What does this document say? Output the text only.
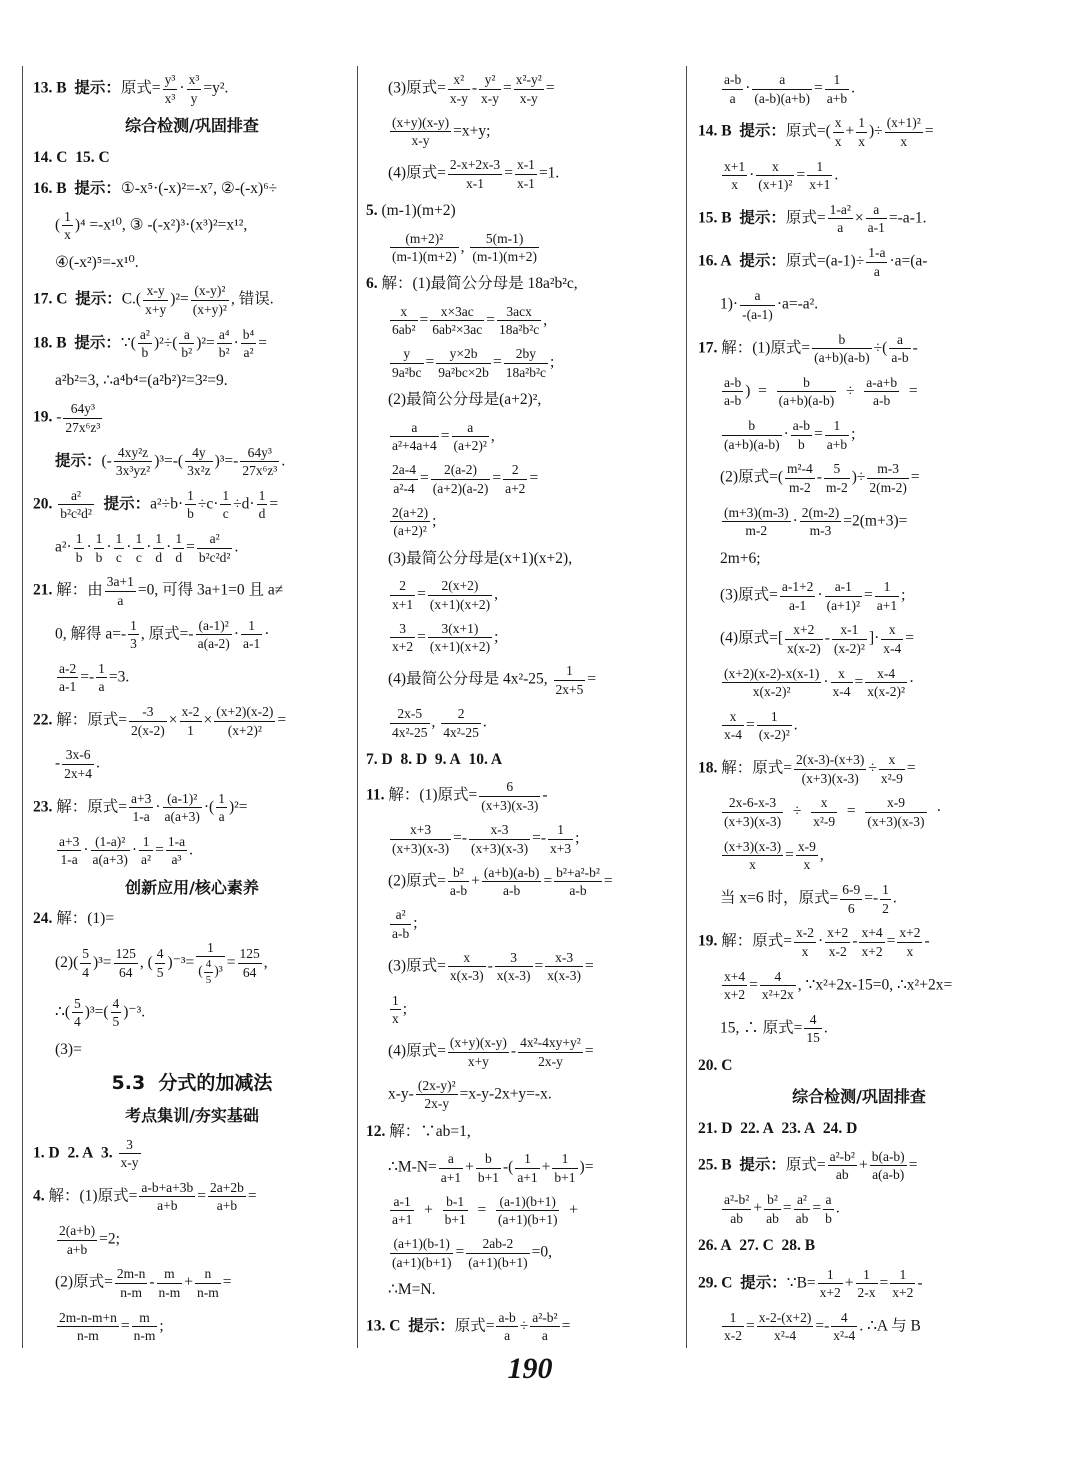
13. B 提示：原式= $\frac{\text{y³}}{\text{x³}} \cdot \frac{\text{x³}}{y} =y^2$.
综合检测/巩固排查
14. C 15. C
16. B 提示：①-x⁵·(-x)²=-x⁷, ②-(-x)⁶÷
( $\frac{1}{x} )^4 =-x^{10}$, ③ -(-x²)³·(x³)²=x¹²,
④(-x²)⁵=-x¹⁰.
17. C 提示：$C.( \frac{x-y}{x+y} )^2= \frac{\text{(x-y)²}}{\text{(x+y)²}}$ , 错误.
18. B 提示：∵( $\frac{\text{a²}}{b} )^2\div( \frac{a}{\text{b²}} )^2= \frac{\text{a⁴}}{\text{b²}} \cdot \frac{\text{b⁴}}{\text{a²}}$ =
a²b²=3, ∴a⁴b⁴=(a²b²)²=3²=9.
19. - $\frac{\text{64y³}}{\text{27x⁶z³}}$
提示：(- $\frac{\text{4xy²z}}{\text{3x³yz²}} )^3=-( \frac{4y}{\text{3x²z}} )^3=- \frac{\text{64y³}}{\text{27x⁶z³}}$ .
20. $\frac{\text{a²}}{\text{b²c²d²}}$ 提示：$a^2\div b\cdot \frac{1}{b} \div c\cdot \frac{1}{c} \div d\cdot \frac{1}{d}$ =
$a^2\cdot \frac{1}{b} \cdot \frac{1}{b} \cdot \frac{1}{c} \cdot \frac{1}{c} \cdot \frac{1}{d} \cdot \frac{1}{d} = \frac{\text{a²}}{\text{b²c²d²}}$ .
21. 解：由 $\frac{3a+1}{a} =0$, 可得 3a+1=0 且 a≠
0, 解得 $a=- \frac{1}{3}$ , 原式=- $\frac{\text{(a-1)²}}{a(a-2)} \cdot \frac{1}{a-1}$ ·
$\frac{a-2}{a-1} =- \frac{1}{a} =3$.
22. 解：原式= $\frac{-3}{2(x-2)} \times \frac{x-2}{1} \times \frac{(x+2)(x-2)}{\text{(x+2)²}}$ =
- $\frac{3x-6}{2x+4}$ .
23. 解：原式= $\frac{a+3}{1-a} \cdot \frac{\text{(a-1)²}}{a(a+3)}$ ·( $\frac{1}{a} )^2=$
$\frac{a+3}{1-a} \cdot \frac{\text{(1-a)²}}{a(a+3)} \cdot \frac{1}{\text{a²}} = \frac{1-a}{\text{a³}}$ .
创新应用/核心素养
24. 解：(1)=
$(2)( \frac{5}{4} )^3= \frac{125}{64}$ , ( $\frac{4}{5} )^{-3}= \frac{1}{( \frac{4}{5} )^3} = \frac{125}{64}$ ,
∴( $\frac{5}{4} )^3=( \frac{4}{5} )^{-3}$.
(3)=
5.3  分式的加减法
考点集训/夯实基础
1. D 2. A 3. $\frac{3}{x-y}$
4. 解：(1)原式= $\frac{a-b+a+3b}{a+b} = \frac{2a+2b}{a+b}$ =
$\frac{2(a+b)}{a+b} =2$;
(2)原式= $\frac{2m-n}{n-m} - \frac{m}{n-m} + \frac{n}{n-m}$ =
$\frac{2m-n-m+n}{n-m} = \frac{m}{n-m}$ ;
(3)原式= $\frac{\text{x²}}{x-y} - \frac{\text{y²}}{x-y} = \frac{\text{x²-y²}}{x-y}$ =
$\frac{(x+y)(x-y)}{x-y} =x+y$;
(4)原式= $\frac{2-x+2x-3}{x-1} = \frac{x-1}{x-1} =1$.
5. (m-1)(m+2)
$\frac{\text{(m+2)²}}{(m-1)(m+2)}$ , $\frac{5(m-1)}{(m-1)(m+2)}$
6. 解：(1)最简公分母是 18a²b²c,
$\frac{x}{\text{6ab²}} = \frac{x\times 3ac}{\text{6ab²×3ac}} = \frac{\text{3acx}}{\text{18a²b²c}}$ ,
$\frac{y}{\text{9a²bc}} = \frac{y\times 2b}{\text{9a²bc×2b}} = \frac{2by}{\text{18a²b²c}}$ ;
(2)最简公分母是(a+2)²,
$\frac{a}{\text{a²+4a+4}} = \frac{a}{\text{(a+2)²}}$ ,
$\frac{2a-4}{\text{a²-4}} = \frac{2(a-2)}{(a+2)(a-2)} = \frac{2}{a+2}$ =
$\frac{2(a+2)}{\text{(a+2)²}}$ ;
(3)最简公分母是(x+1)(x+2),
$\frac{2}{x+1} = \frac{2(x+2)}{(x+1)(x+2)}$ ,
$\frac{3}{x+2} = \frac{3(x+1)}{(x+1)(x+2)}$ ;
(4)最简公分母是 4x²-25, $\frac{1}{2x+5}$ =
$\frac{2x-5}{\text{4x²-25}}$ , $\frac{2}{\text{4x²-25}}$ .
7. D 8. D 9. A 10. A
11. 解：(1)原式= $\frac{6}{(x+3)(x-3)}$ -
$\frac{x+3}{(x+3)(x-3)} =- \frac{x-3}{(x+3)(x-3)} =- \frac{1}{x+3}$ ;
(2)原式= $\frac{\text{b²}}{a-b} + \frac{(a+b)(a-b)}{a-b} = \frac{\text{b²+a²-b²}}{a-b}$ =
$\frac{\text{a²}}{a-b}$ ;
(3)原式= $\frac{x}{x(x-3)} - \frac{3}{x(x-3)} = \frac{x-3}{x(x-3)}$ =
$\frac{1}{x}$ ;
(4)原式= $\frac{(x+y)(x-y)}{x+y} - \frac{\text{4x²-4xy+y²}}{2x-y}$ =
$x-y- \frac{\text{(2x-y)²}}{2x-y} =x-y-2x+y=-x$.
12. 解：∵ab=1,
∴M-N= $\frac{a}{a+1} + \frac{b}{b+1}$ -( $\frac{1}{a+1} + \frac{1}{b+1}$ )=
$\frac{a-1}{a+1} + \frac{b-1}{b+1} = \frac{(a-1)(b+1)}{(a+1)(b+1)}$ +
$\frac{(a+1)(b-1)}{(a+1)(b+1)} = \frac{2ab-2}{(a+1)(b+1)} =0$,
∴M=N.
13. C 提示：原式= $\frac{a-b}{a} \div \frac{\text{a²-b²}}{a}$ =
$\frac{a-b}{a} \cdot \frac{a}{(a-b)(a+b)} = \frac{1}{a+b}$ .
14. B 提示：原式=( $\frac{x}{x} + \frac{1}{x}$ )÷ $\frac{\text{(x+1)²}}{x}$ =
$\frac{x+1}{x} \cdot \frac{x}{\text{(x+1)²}} = \frac{1}{x+1}$ .
15. B 提示：原式= $\frac{\text{1-a²}}{a} \times \frac{a}{a-1} =-a-1$.
16. A 提示：原式$=(a-1)\div \frac{1-a}{a} \cdot a=(a-$
$1)\cdot \frac{a}{-(a-1)} \cdot a=-a^2$.
17. 解：(1)原式= $\frac{b}{(a+b)(a-b)}$ ÷( $\frac{a}{a-b}$ -
$\frac{a-b}{a-b}$ )  = $\frac{b}{(a+b)(a-b)} \div \frac{a-a+b}{a-b}$ =
$\frac{b}{(a+b)(a-b)} \cdot \frac{a-b}{b} = \frac{1}{a+b}$ ;
(2)原式=( $\frac{\text{m²-4}}{m-2} - \frac{5}{m-2}$ )÷ $\frac{m-3}{2(m-2)}$ =
$\frac{(m+3)(m-3)}{m-2} \cdot \frac{2(m-2)}{m-3} =2(m+3)=$
2m+6;
(3)原式= $\frac{a-1+2}{a-1} \cdot \frac{a-1}{\text{(a+1)²}} = \frac{1}{a+1}$ ;
(4)原式=[ $\frac{x+2}{x(x-2)} - \frac{x-1}{\text{(x-2)²}}$ ]· $\frac{x}{x-4}$ =
$\frac{(x+2)(x-2)-x(x-1)}{\text{x(x-2)²}} \cdot \frac{x}{x-4} = \frac{x-4}{\text{x(x-2)²}}$ ·
$\frac{x}{x-4} = \frac{1}{\text{(x-2)²}}$ .
18. 解：原式= $\frac{2(x-3)-(x+3)}{(x+3)(x-3)} \div \frac{x}{\text{x²-9}}$ =
$\frac{2x-6-x-3}{(x+3)(x-3)} \div \frac{x}{\text{x²-9}} = \frac{x-9}{(x+3)(x-3)}$ ·
$\frac{(x+3)(x-3)}{x} = \frac{x-9}{x}$ ,
当 x=6 时，原式= $\frac{6-9}{6} =- \frac{1}{2}$ .
19. 解：原式= $\frac{x-2}{x} \cdot \frac{x+2}{x-2} - \frac{x+4}{x+2} = \frac{x+2}{x}$ -
$\frac{x+4}{x+2} = \frac{4}{\text{x²+2x}}$ , ∵x²+2x-15=0, ∴x²+2x=
15, ∴ 原式= $\frac{4}{15}$ .
20. C
综合检测/巩固排查
21. D 22. A 23. A 24. D
25. B 提示：原式= $\frac{\text{a²-b²}}{ab} + \frac{b(a-b)}{a(a-b)}$ =
$\frac{\text{a²-b²}}{ab} + \frac{\text{b²}}{ab} = \frac{\text{a²}}{ab} = \frac{a}{b}$ .
26. A 27. C 28. B
29. C 提示：∵B= $\frac{1}{x+2} + \frac{1}{2-x} = \frac{1}{x+2}$ -
$\frac{1}{x-2} = \frac{x-2-(x+2)}{\text{x²-4}} =- \frac{4}{\text{x²-4}}$ . ∴A 与 B
190
